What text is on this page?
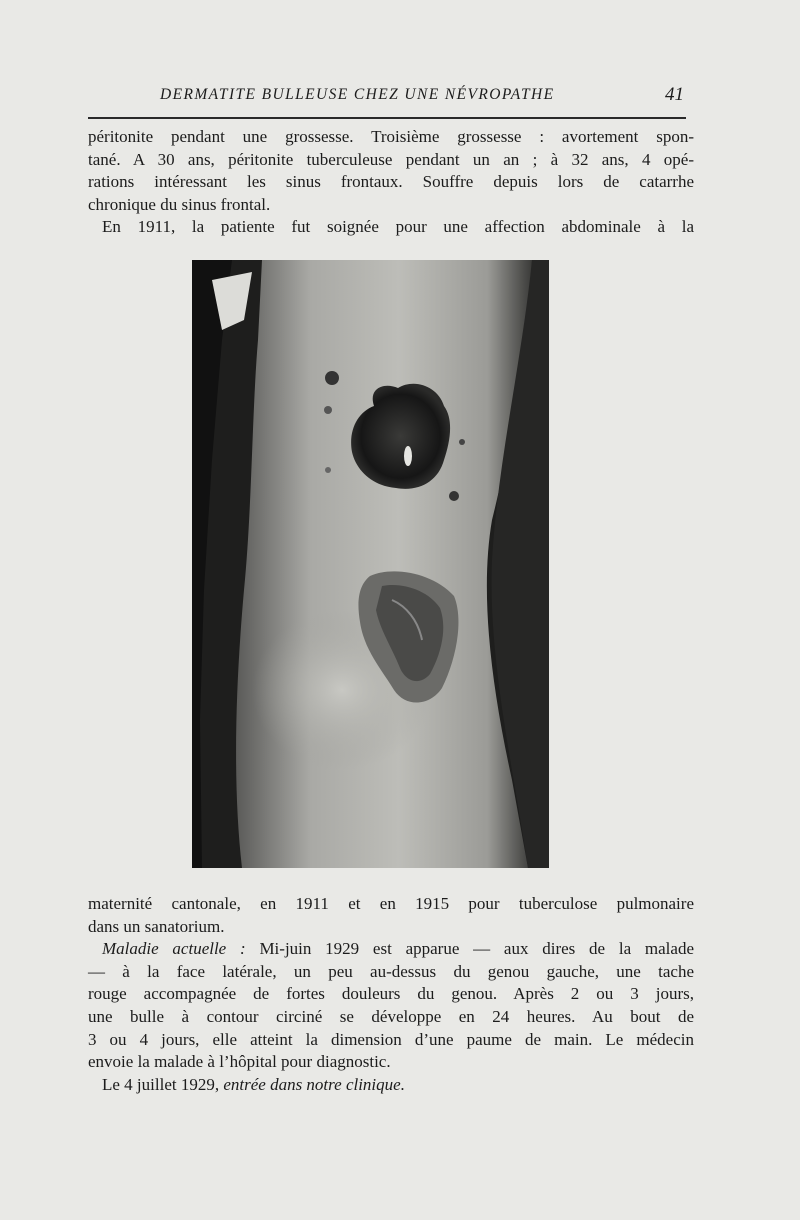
DERMATITE BULLEUSE CHEZ UNE NÉVROPATHE	41
péritonite pendant une grossesse. Troisième grossesse : avortement spon-
tané. A 30 ans, péritonite tuberculeuse pendant un an ; à 32 ans, 4 opé-
rations intéressant les sinus frontaux. Souffre depuis lors de catarrhe
chronique du sinus frontal.
En 1911, la patiente fut soignée pour une affection abdominale à la
maternité cantonale, en 1911 et en 1915 pour tuberculose pulmonaire
dans un sanatorium.
Maladie actuelle : Mi-juin 1929 est apparue — aux dires de la malade
— à la face latérale, un peu au-dessus du genou gauche, une tache
rouge accompagnée de fortes douleurs du genou. Après 2 ou 3 jours,
une bulle à contour circiné se développe en 24 heures. Au bout de
3 ou 4 jours, elle atteint la dimension d’une paume de main. Le médecin
envoie la malade à l’hôpital pour diagnostic.
Le 4 juillet 1929, entrée dans notre clinique.
